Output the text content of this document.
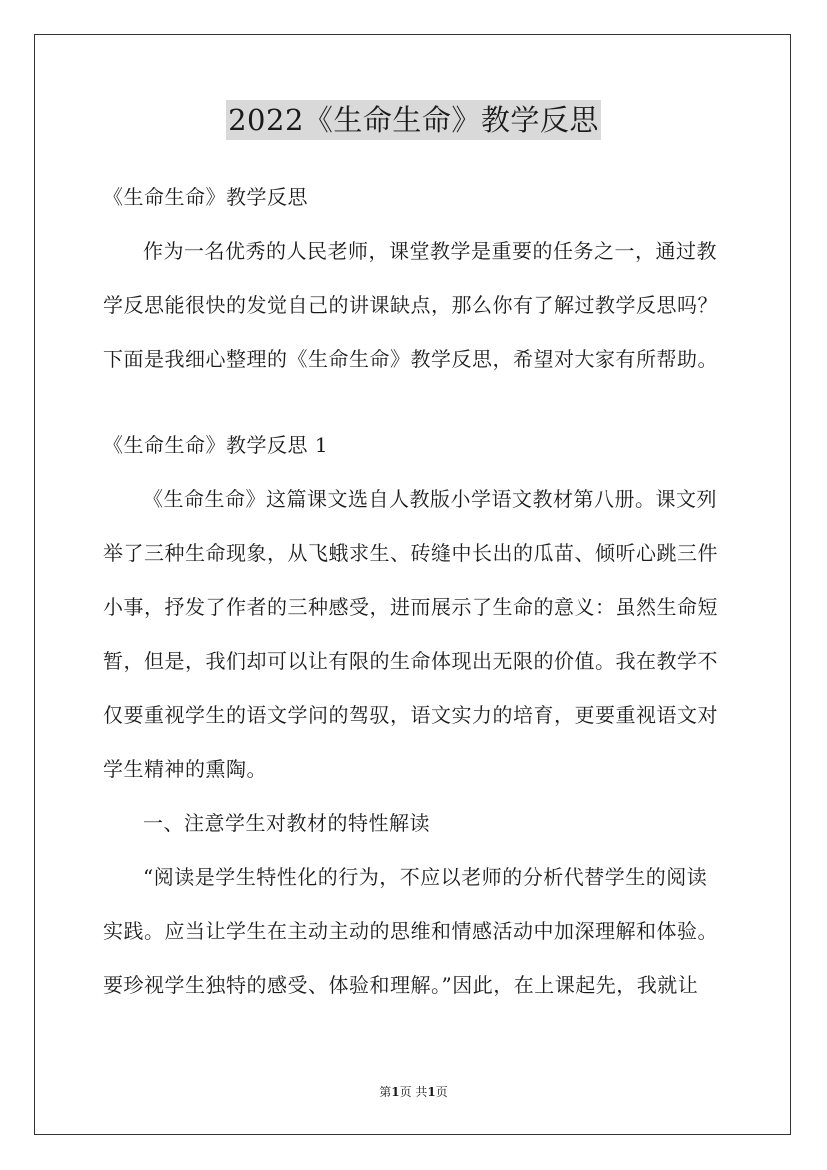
2022《生命生命》教学反思
《生命生命》教学反思
作为一名优秀的人民老师，课堂教学是重要的任务之一，通过教
学反思能很快的发觉自己的讲课缺点，那么你有了解过教学反思吗？
下面是我细心整理的《生命生命》教学反思，希望对大家有所帮助。
《生命生命》教学反思 1
《生命生命》这篇课文选自人教版小学语文教材第八册。课文列
举了三种生命现象，从飞蛾求生、砖缝中长出的瓜苗、倾听心跳三件
小事，抒发了作者的三种感受，进而展示了生命的意义：虽然生命短
暂，但是，我们却可以让有限的生命体现出无限的价值。我在教学不
仅要重视学生的语文学问的驾驭，语文实力的培育，更要重视语文对
学生精神的熏陶。
一、注意学生对教材的特性解读
“阅读是学生特性化的行为，不应以老师的分析代替学生的阅读
实践。应当让学生在主动主动的思维和情感活动中加深理解和体验。
要珍视学生独特的感受、体验和理解。”因此，在上课起先，我就让
第1页 共1页
